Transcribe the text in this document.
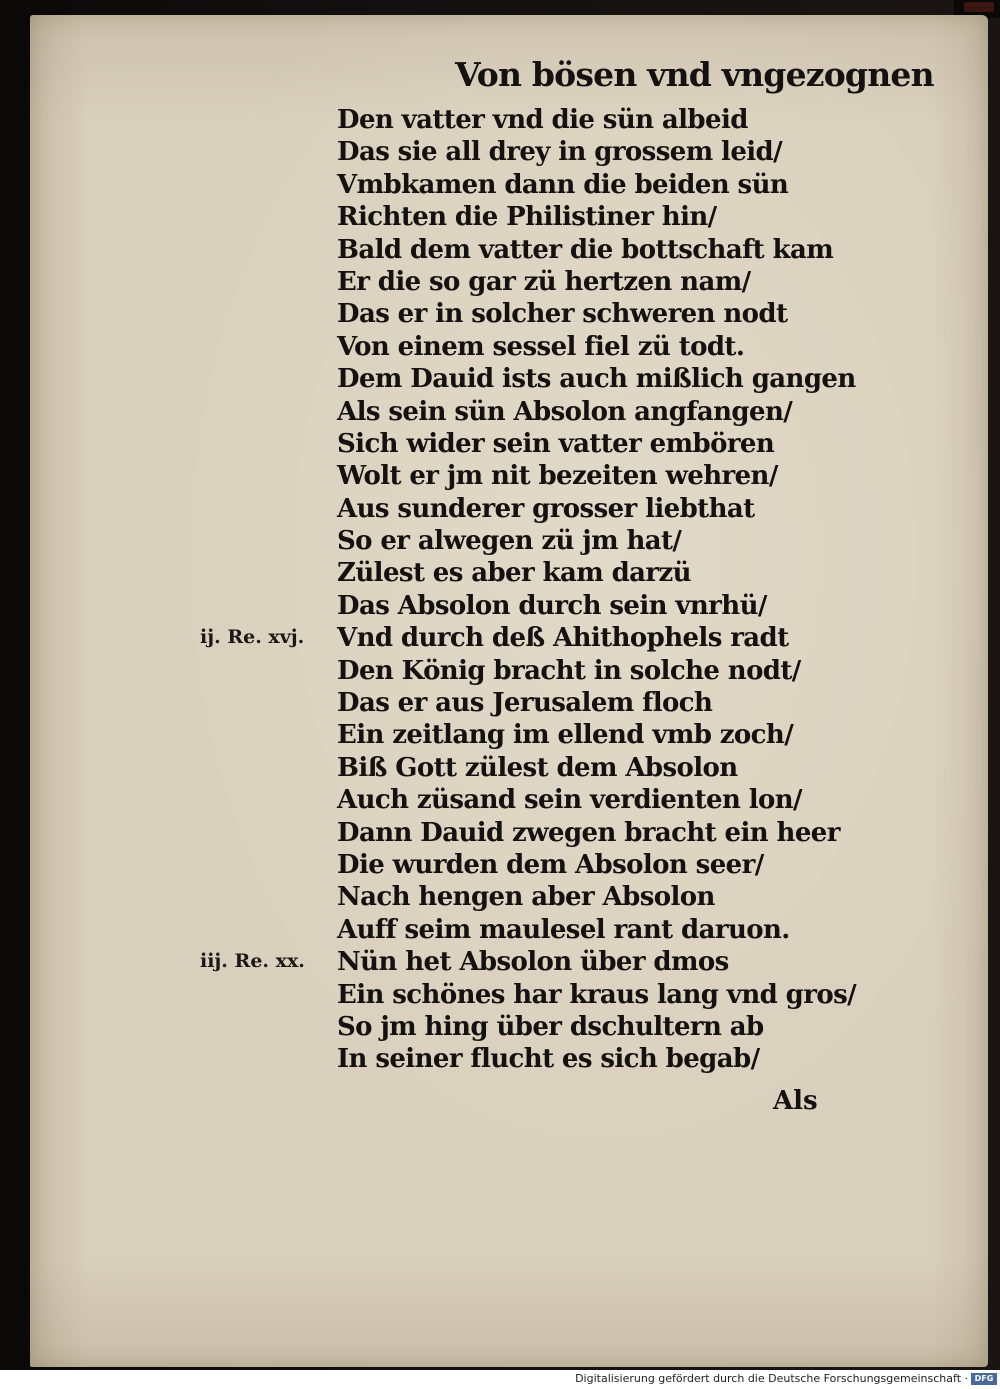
Von bösen vnd vngezognen
Den vatter vnd die sün albeid
Das sie all drey in grossem leid/
Vmbkamen dann die beiden sün
Richten die Philistiner hin/
Bald dem vatter die bottschaft kam
Er die so gar zü hertzen nam/
Das er in solcher schweren nodt
Von einem sessel fiel zü todt.
Dem Dauid ists auch mißlich gangen
Als sein sün Absolon angfangen/
Sich wider sein vatter embören
Wolt er jm nit bezeiten wehren/
Aus sunderer grosser liebthat
So er alwegen zü jm hat/
Zülest es aber kam darzü
Das Absolon durch sein vnrhü/
Vnd durch deß Ahithophels radt
Den König bracht in solche nodt/
Das er aus Jerusalem floch
Ein zeitlang im ellend vmb zoch/
Biß Gott zülest dem Absolon
Auch züsand sein verdienten lon/
Dann Dauid zwegen bracht ein heer
Die wurden dem Absolon seer/
Nach hengen aber Absolon
Auff seim maulesel rant daruon.
Nün het Absolon über dmos
Ein schönes har kraus lang vnd gros/
So jm hing über dschultern ab
In seiner flucht es sich begab/
ij. Re. xvj.
iij. Re. xx.
Als
Digitalisierung gefördert durch die Deutsche Forschungsgemeinschaft · DFG
